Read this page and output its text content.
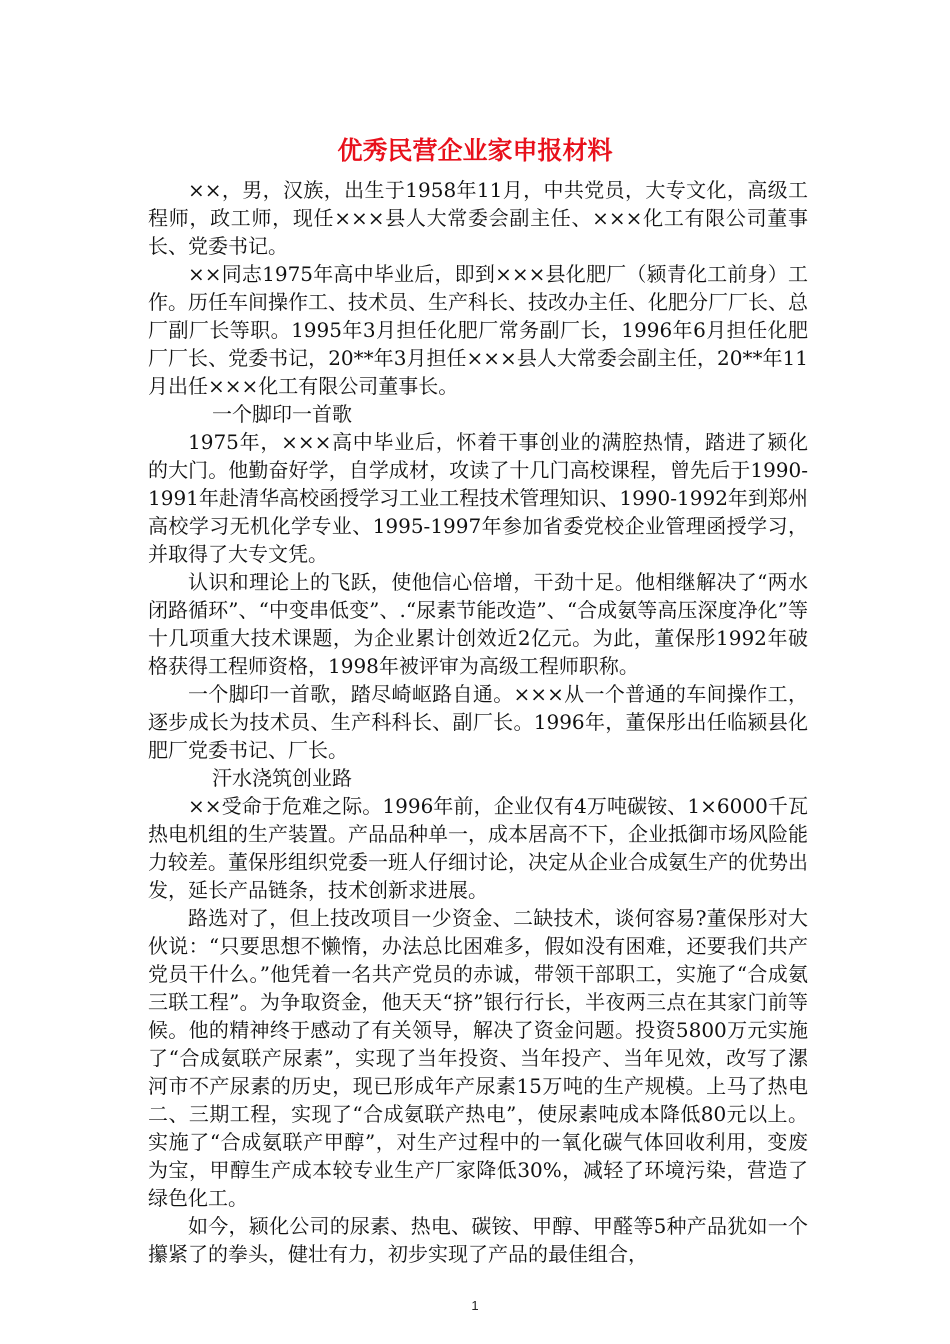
优秀民营企业家申报材料

××，男，汉族，出生于1958年11月，中共党员，大专文化，高级工程师，政工师，现任×××县人大常委会副主任、×××化工有限公司董事长、党委书记。

××同志1975年高中毕业后，即到×××县化肥厂（颍青化工前身）工作。历任车间操作工、技术员、生产科长、技改办主任、化肥分厂厂长、总厂副厂长等职。1995年3月担任化肥厂常务副厂长，1996年6月担任化肥厂厂长、党委书记，20**年3月担任×××县人大常委会副主任，20**年11月出任×××化工有限公司董事长。

一个脚印一首歌

1975年，×××高中毕业后，怀着干事创业的满腔热情，踏进了颍化的大门。他勤奋好学，自学成材，攻读了十几门高校课程，曾先后于1990-1991年赴清华高校函授学习工业工程技术管理知识、1990-1992年到郑州高校学习无机化学专业、1995-1997年参加省委党校企业管理函授学习，并取得了大专文凭。

认识和理论上的飞跃，使他信心倍增，干劲十足。他相继解决了“两水闭路循环”、“中变串低变”、.“尿素节能改造”、“合成氨等高压深度净化”等十几项重大技术课题，为企业累计创效近2亿元。为此，董保彤1992年破格获得工程师资格，1998年被评审为高级工程师职称。

一个脚印一首歌，踏尽崎岖路自通。×××从一个普通的车间操作工，逐步成长为技术员、生产科科长、副厂长。1996年，董保彤出任临颍县化肥厂党委书记、厂长。

汗水浇筑创业路

××受命于危难之际。1996年前，企业仅有4万吨碳铵、1×6000千瓦热电机组的生产装置。产品品种单一，成本居高不下，企业抵御市场风险能力较差。董保彤组织党委一班人仔细讨论，决定从企业合成氨生产的优势出发，延长产品链条，技术创新求进展。

路选对了，但上技改项目一少资金、二缺技术，谈何容易?董保彤对大伙说：“只要思想不懒惰，办法总比困难多，假如没有困难，还要我们共产党员干什么。”他凭着一名共产党员的赤诚，带领干部职工，实施了“合成氨三联工程”。为争取资金，他天天“挤”银行行长，半夜两三点在其家门前等候。他的精神终于感动了有关领导，解决了资金问题。投资5800万元实施了“合成氨联产尿素”，实现了当年投资、当年投产、当年见效，改写了漯河市不产尿素的历史，现已形成年产尿素15万吨的生产规模。上马了热电二、三期工程，实现了“合成氨联产热电”，使尿素吨成本降低80元以上。实施了“合成氨联产甲醇”，对生产过程中的一氧化碳气体回收利用，变废为宝，甲醇生产成本较专业生产厂家降低30%，减轻了环境污染，营造了绿色化工。

如今，颍化公司的尿素、热电、碳铵、甲醇、甲醛等5种产品犹如一个攥紧了的拳头，健壮有力，初步实现了产品的最佳组合，

1
